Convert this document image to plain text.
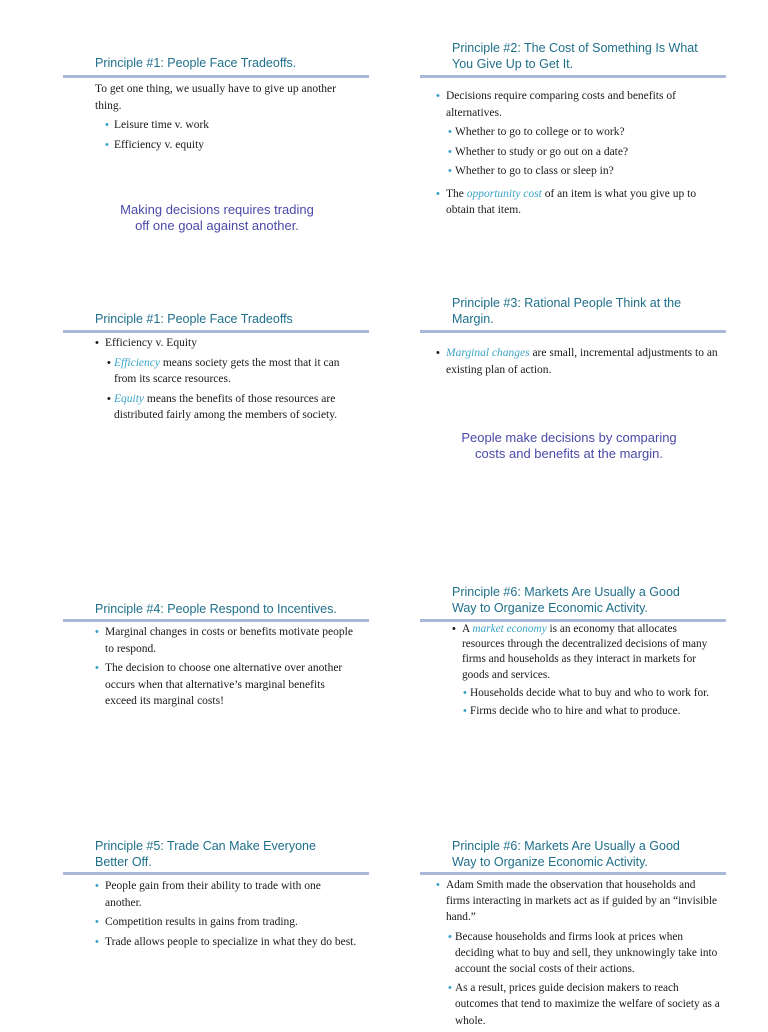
Principle #1: People Face Tradeoffs.

To get one thing, we usually have to give up another thing.

• Leisure time v. work

• Efficiency v. equity

Making decisions requires trading
off one goal against another.
Principle #2: The Cost of Something Is What
You Give Up to Get It.

• Decisions require comparing costs and benefits of alternatives.

• Whether to go to college or to work?

• Whether to study or go out on a date?

• Whether to go to class or sleep in?

• The opportunity cost of an item is what you give up to obtain that item.

Principle #1: People Face Tradeoffs

• Efficiency v. Equity

• Efficiency means society gets the most that it can from its scarce resources.

• Equity means the benefits of those resources are distributed fairly among the members of society.

Principle #3: Rational People Think at the
Margin.

• Marginal changes are small, incremental adjustments to an existing plan of action.

People make decisions by comparing
costs and benefits at the margin.
Principle #4: People Respond to Incentives.

• Marginal changes in costs or benefits motivate people to respond.

• The decision to choose one alternative over another occurs when that alternative’s marginal benefits exceed its marginal costs!

Principle #6: Markets Are Usually a Good
Way to Organize Economic Activity.

• A market economy is an economy that allocates resources through the decentralized decisions of many firms and households as they interact in markets for goods and services.

• Households decide what to buy and who to work for.

• Firms decide who to hire and what to produce.

Principle #5: Trade Can Make Everyone
Better Off.

• People gain from their ability to trade with one another.

• Competition results in gains from trading.

• Trade allows people to specialize in what they do best.

Principle #6: Markets Are Usually a Good
Way to Organize Economic Activity.

• Adam Smith made the observation that households and firms interacting in markets act as if guided by an “invisible hand.”

• Because households and firms look at prices when deciding what to buy and sell, they unknowingly take into account the social costs of their actions.

• As a result, prices guide decision makers to reach outcomes that tend to maximize the welfare of society as a whole.
